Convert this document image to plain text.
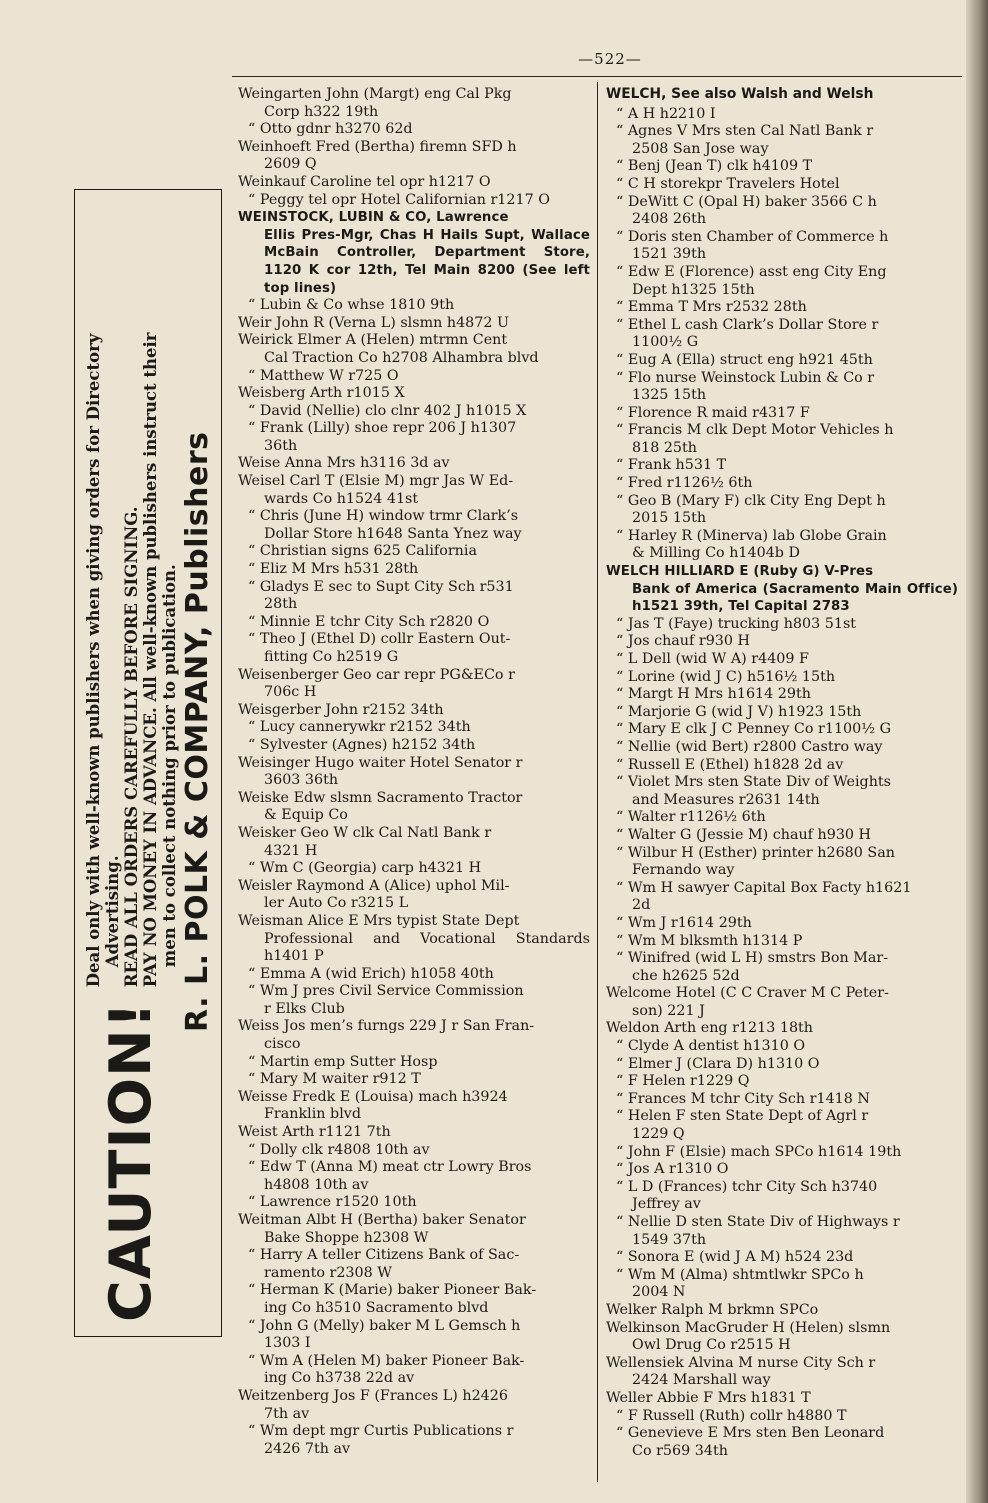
—522—
CAUTION!
Deal only with well-known publishers when giving orders for Directory Advertising. READ ALL ORDERS CAREFULLY BEFORE SIGNING. PAY NO MONEY IN ADVANCE. All well-known publishers instruct their men to collect nothing prior to publication. R. L. POLK & COMPANY, Publishers
Weingarten John (Margt) eng Cal Pkg
Corp h322 19th
“ Otto gdnr h3270 62d
Weinhoeft Fred (Bertha) firemn SFD h
2609 Q
Weinkauf Caroline tel opr h1217 O
“ Peggy tel opr Hotel Californian r1217 O
WEINSTOCK, LUBIN & CO, Lawrence
Ellis Pres-Mgr, Chas H Hails Supt, Wallace McBain Controller, Department Store, 1120 K cor 12th, Tel Main 8200 (See left top lines)
“ Lubin & Co whse 1810 9th
Weir John R (Verna L) slsmn h4872 U
Weirick Elmer A (Helen) mtrmn Cent
Cal Traction Co h2708 Alhambra blvd
“ Matthew W r725 O
Weisberg Arth r1015 X
“ David (Nellie) clo clnr 402 J h1015 X
“ Frank (Lilly) shoe repr 206 J h1307
36th
Weise Anna Mrs h3116 3d av
Weisel Carl T (Elsie M) mgr Jas W Ed-
wards Co h1524 41st
“ Chris (June H) window trmr Clark’s
Dollar Store h1648 Santa Ynez way
“ Christian signs 625 California
“ Eliz M Mrs h531 28th
“ Gladys E sec to Supt City Sch r531
28th
“ Minnie E tchr City Sch r2820 O
“ Theo J (Ethel D) collr Eastern Out-
fitting Co h2519 G
Weisenberger Geo car repr PG&ECo r
706c H
Weisgerber John r2152 34th
“ Lucy cannerywkr r2152 34th
“ Sylvester (Agnes) h2152 34th
Weisinger Hugo waiter Hotel Senator r
3603 36th
Weiske Edw slsmn Sacramento Tractor
& Equip Co
Weisker Geo W clk Cal Natl Bank r
4321 H
“ Wm C (Georgia) carp h4321 H
Weisler Raymond A (Alice) uphol Mil-
ler Auto Co r3215 L
Weisman Alice E Mrs typist State Dept
Professional and Vocational Standards h1401 P
“ Emma A (wid Erich) h1058 40th
“ Wm J pres Civil Service Commission
r Elks Club
Weiss Jos men’s furngs 229 J r San Fran-
cisco
“ Martin emp Sutter Hosp
“ Mary M waiter r912 T
Weisse Fredk E (Louisa) mach h3924
Franklin blvd
Weist Arth r1121 7th
“ Dolly clk r4808 10th av
“ Edw T (Anna M) meat ctr Lowry Bros
h4808 10th av
“ Lawrence r1520 10th
Weitman Albt H (Bertha) baker Senator
Bake Shoppe h2308 W
“ Harry A teller Citizens Bank of Sac-
ramento r2308 W
“ Herman K (Marie) baker Pioneer Bak-
ing Co h3510 Sacramento blvd
“ John G (Melly) baker M L Gemsch h
1303 I
“ Wm A (Helen M) baker Pioneer Bak-
ing Co h3738 22d av
Weitzenberg Jos F (Frances L) h2426
7th av
“ Wm dept mgr Curtis Publications r
2426 7th av
WELCH, See also Walsh and Welsh
“ A H h2210 I
“ Agnes V Mrs sten Cal Natl Bank r
2508 San Jose way
“ Benj (Jean T) clk h4109 T
“ C H storekpr Travelers Hotel
“ DeWitt C (Opal H) baker 3566 C h
2408 26th
“ Doris sten Chamber of Commerce h
1521 39th
“ Edw E (Florence) asst eng City Eng
Dept h1325 15th
“ Emma T Mrs r2532 28th
“ Ethel L cash Clark’s Dollar Store r
1100½ G
“ Eug A (Ella) struct eng h921 45th
“ Flo nurse Weinstock Lubin & Co r
1325 15th
“ Florence R maid r4317 F
“ Francis M clk Dept Motor Vehicles h
818 25th
“ Frank h531 T
“ Fred r1126½ 6th
“ Geo B (Mary F) clk City Eng Dept h
2015 15th
“ Harley R (Minerva) lab Globe Grain
& Milling Co h1404b D
WELCH HILLIARD E (Ruby G) V-Pres
Bank of America (Sacramento Main Office) h1521 39th, Tel Capital 2783
“ Jas T (Faye) trucking h803 51st
“ Jos chauf r930 H
“ L Dell (wid W A) r4409 F
“ Lorine (wid J C) h516½ 15th
“ Margt H Mrs h1614 29th
“ Marjorie G (wid J V) h1923 15th
“ Mary E clk J C Penney Co r1100½ G
“ Nellie (wid Bert) r2800 Castro way
“ Russell E (Ethel) h1828 2d av
“ Violet Mrs sten State Div of Weights
and Measures r2631 14th
“ Walter r1126½ 6th
“ Walter G (Jessie M) chauf h930 H
“ Wilbur H (Esther) printer h2680 San
Fernando way
“ Wm H sawyer Capital Box Facty h1621
2d
“ Wm J r1614 29th
“ Wm M blksmth h1314 P
“ Winifred (wid L H) smstrs Bon Mar-
che h2625 52d
Welcome Hotel (C C Craver M C Peter-
son) 221 J
Weldon Arth eng r1213 18th
“ Clyde A dentist h1310 O
“ Elmer J (Clara D) h1310 O
“ F Helen r1229 Q
“ Frances M tchr City Sch r1418 N
“ Helen F sten State Dept of Agrl r
1229 Q
“ John F (Elsie) mach SPCo h1614 19th
“ Jos A r1310 O
“ L D (Frances) tchr City Sch h3740
Jeffrey av
“ Nellie D sten State Div of Highways r
1549 37th
“ Sonora E (wid J A M) h524 23d
“ Wm M (Alma) shtmtlwkr SPCo h
2004 N
Welker Ralph M brkmn SPCo
Welkinson MacGruder H (Helen) slsmn
Owl Drug Co r2515 H
Wellensiek Alvina M nurse City Sch r
2424 Marshall way
Weller Abbie F Mrs h1831 T
“ F Russell (Ruth) collr h4880 T
“ Genevieve E Mrs sten Ben Leonard
Co r569 34th
